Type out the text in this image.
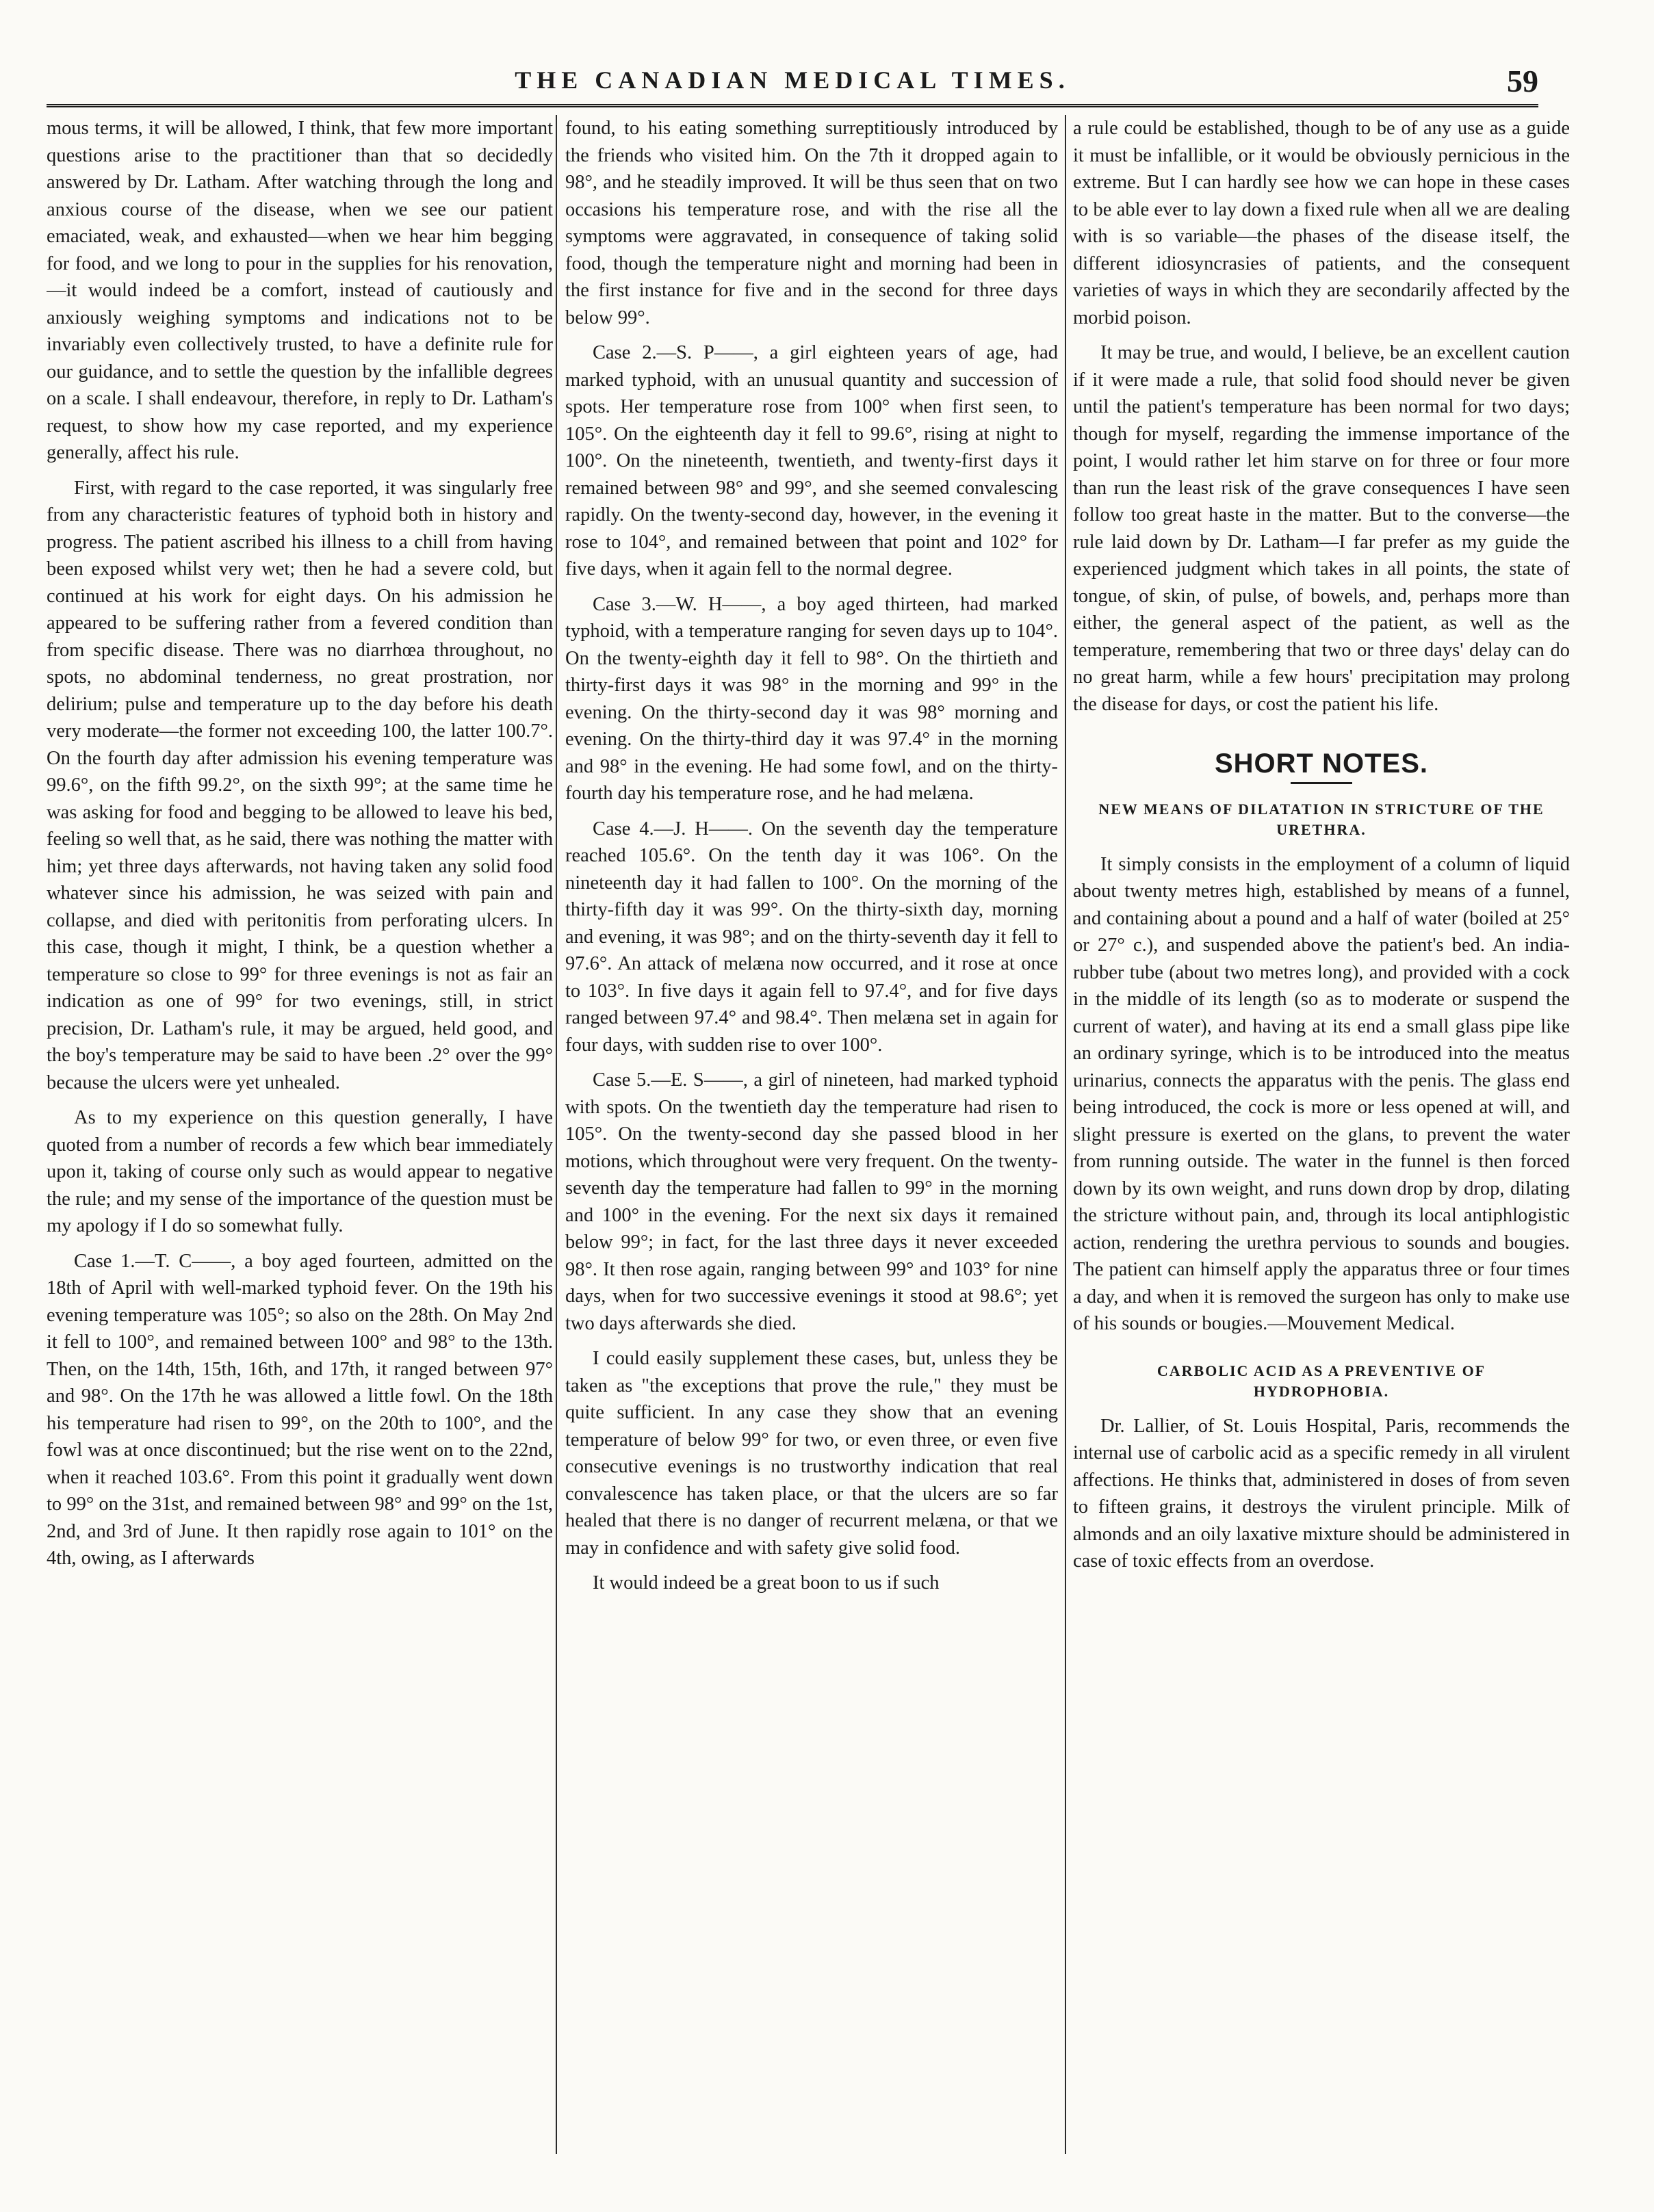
THE CANADIAN MEDICAL TIMES.	59

mous terms, it will be allowed, I think, that few more important questions arise to the practitioner than that so decidedly answered by Dr. Latham. After watching through the long and anxious course of the disease, when we see our patient emaciated, weak, and exhausted—when we hear him begging for food, and we long to pour in the supplies for his renovation,—it would indeed be a comfort, instead of cautiously and anxiously weighing symptoms and indications not to be invariably even collectively trusted, to have a definite rule for our guidance, and to settle the question by the infallible degrees on a scale. I shall endeavour, therefore, in reply to Dr. Latham's request, to show how my case reported, and my experience generally, affect his rule.

First, with regard to the case reported, it was singularly free from any characteristic features of typhoid both in history and progress. The patient ascribed his illness to a chill from having been exposed whilst very wet; then he had a severe cold, but continued at his work for eight days. On his admission he appeared to be suffering rather from a fevered condition than from specific disease. There was no diarrhœa throughout, no spots, no abdominal tenderness, no great prostration, nor delirium; pulse and temperature up to the day before his death very moderate—the former not exceeding 100, the latter 100.7°. On the fourth day after admission his evening temperature was 99.6°, on the fifth 99.2°, on the sixth 99°; at the same time he was asking for food and begging to be allowed to leave his bed, feeling so well that, as he said, there was nothing the matter with him; yet three days afterwards, not having taken any solid food whatever since his admission, he was seized with pain and collapse, and died with peritonitis from perforating ulcers. In this case, though it might, I think, be a question whether a temperature so close to 99° for three evenings is not as fair an indication as one of 99° for two evenings, still, in strict precision, Dr. Latham's rule, it may be argued, held good, and the boy's temperature may be said to have been .2° over the 99° because the ulcers were yet unhealed.

As to my experience on this question generally, I have quoted from a number of records a few which bear immediately upon it, taking of course only such as would appear to negative the rule; and my sense of the importance of the question must be my apology if I do so somewhat fully.

Case 1.—T. C——, a boy aged fourteen, admitted on the 18th of April with well-marked typhoid fever. On the 19th his evening temperature was 105°; so also on the 28th. On May 2nd it fell to 100°, and remained between 100° and 98° to the 13th. Then, on the 14th, 15th, 16th, and 17th, it ranged between 97° and 98°. On the 17th he was allowed a little fowl. On the 18th his temperature had risen to 99°, on the 20th to 100°, and the fowl was at once discontinued; but the rise went on to the 22nd, when it reached 103.6°. From this point it gradually went down to 99° on the 31st, and remained between 98° and 99° on the 1st, 2nd, and 3rd of June. It then rapidly rose again to 101° on the 4th, owing, as I afterwards

found, to his eating something surreptitiously introduced by the friends who visited him. On the 7th it dropped again to 98°, and he steadily improved. It will be thus seen that on two occasions his temperature rose, and with the rise all the symptoms were aggravated, in consequence of taking solid food, though the temperature night and morning had been in the first instance for five and in the second for three days below 99°.

Case 2.—S. P——, a girl eighteen years of age, had marked typhoid, with an unusual quantity and succession of spots. Her temperature rose from 100° when first seen, to 105°. On the eighteenth day it fell to 99.6°, rising at night to 100°. On the nineteenth, twentieth, and twenty-first days it remained between 98° and 99°, and she seemed convalescing rapidly. On the twenty-second day, however, in the evening it rose to 104°, and remained between that point and 102° for five days, when it again fell to the normal degree.

Case 3.—W. H——, a boy aged thirteen, had marked typhoid, with a temperature ranging for seven days up to 104°. On the twenty-eighth day it fell to 98°. On the thirtieth and thirty-first days it was 98° in the morning and 99° in the evening. On the thirty-second day it was 98° morning and evening. On the thirty-third day it was 97.4° in the morning and 98° in the evening. He had some fowl, and on the thirty-fourth day his temperature rose, and he had melæna.

Case 4.—J. H——. On the seventh day the temperature reached 105.6°. On the tenth day it was 106°. On the nineteenth day it had fallen to 100°. On the morning of the thirty-fifth day it was 99°. On the thirty-sixth day, morning and evening, it was 98°; and on the thirty-seventh day it fell to 97.6°. An attack of melæna now occurred, and it rose at once to 103°. In five days it again fell to 97.4°, and for five days ranged between 97.4° and 98.4°. Then melæna set in again for four days, with sudden rise to over 100°.

Case 5.—E. S——, a girl of nineteen, had marked typhoid with spots. On the twentieth day the temperature had risen to 105°. On the twenty-second day she passed blood in her motions, which throughout were very frequent. On the twenty-seventh day the temperature had fallen to 99° in the morning and 100° in the evening. For the next six days it remained below 99°; in fact, for the last three days it never exceeded 98°. It then rose again, ranging between 99° and 103° for nine days, when for two successive evenings it stood at 98.6°; yet two days afterwards she died.

I could easily supplement these cases, but, unless they be taken as "the exceptions that prove the rule," they must be quite sufficient. In any case they show that an evening temperature of below 99° for two, or even three, or even five consecutive evenings is no trustworthy indication that real convalescence has taken place, or that the ulcers are so far healed that there is no danger of recurrent melæna, or that we may in confidence and with safety give solid food.

It would indeed be a great boon to us if such

a rule could be established, though to be of any use as a guide it must be infallible, or it would be obviously pernicious in the extreme. But I can hardly see how we can hope in these cases to be able ever to lay down a fixed rule when all we are dealing with is so variable—the phases of the disease itself, the different idiosyncrasies of patients, and the consequent varieties of ways in which they are secondarily affected by the morbid poison.

It may be true, and would, I believe, be an excellent caution if it were made a rule, that solid food should never be given until the patient's temperature has been normal for two days; though for myself, regarding the immense importance of the point, I would rather let him starve on for three or four more than run the least risk of the grave consequences I have seen follow too great haste in the matter. But to the converse—the rule laid down by Dr. Latham—I far prefer as my guide the experienced judgment which takes in all points, the state of tongue, of skin, of pulse, of bowels, and, perhaps more than either, the general aspect of the patient, as well as the temperature, remembering that two or three days' delay can do no great harm, while a few hours' precipitation may prolong the disease for days, or cost the patient his life.

SHORT NOTES.
NEW MEANS OF DILATATION IN STRICTURE OF THE URETHRA.

It simply consists in the employment of a column of liquid about twenty metres high, established by means of a funnel, and containing about a pound and a half of water (boiled at 25° or 27° c.), and suspended above the patient's bed. An india-rubber tube (about two metres long), and provided with a cock in the middle of its length (so as to moderate or suspend the current of water), and having at its end a small glass pipe like an ordinary syringe, which is to be introduced into the meatus urinarius, connects the apparatus with the penis. The glass end being introduced, the cock is more or less opened at will, and slight pressure is exerted on the glans, to prevent the water from running outside. The water in the funnel is then forced down by its own weight, and runs down drop by drop, dilating the stricture without pain, and, through its local antiphlogistic action, rendering the urethra pervious to sounds and bougies. The patient can himself apply the apparatus three or four times a day, and when it is removed the surgeon has only to make use of his sounds or bougies.—Mouvement Medical.

CARBOLIC ACID AS A PREVENTIVE OF HYDROPHOBIA.

Dr. Lallier, of St. Louis Hospital, Paris, recommends the internal use of carbolic acid as a specific remedy in all virulent affections. He thinks that, administered in doses of from seven to fifteen grains, it destroys the virulent principle. Milk of almonds and an oily laxative mixture should be administered in case of toxic effects from an overdose.
